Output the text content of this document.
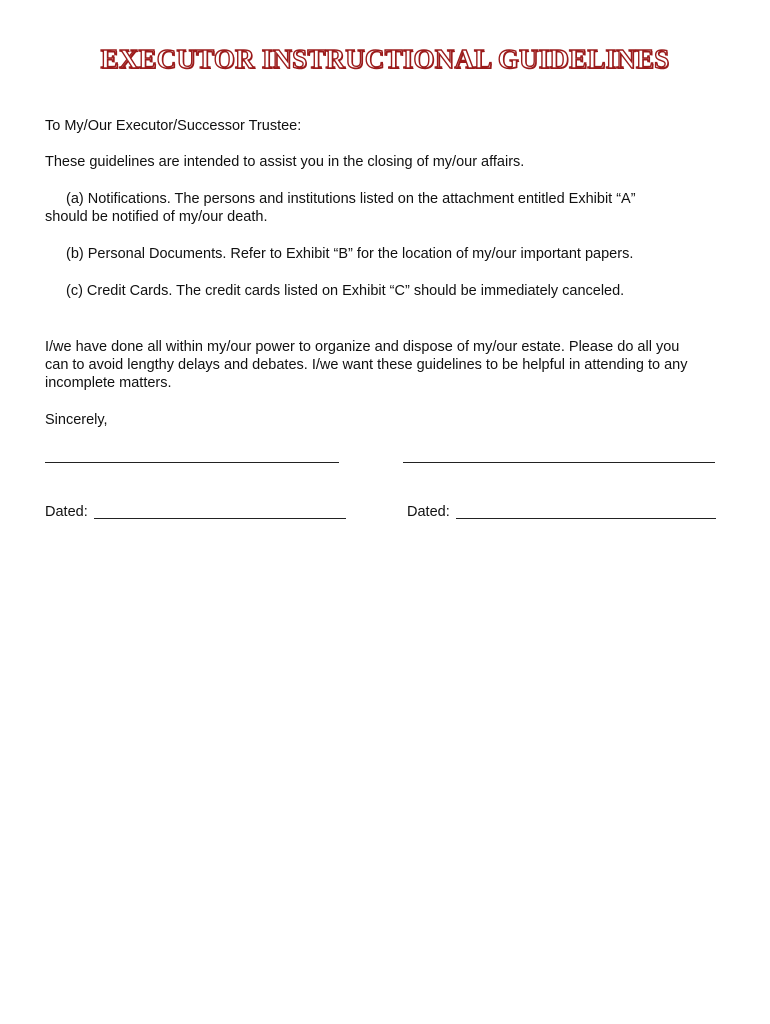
EXECUTOR INSTRUCTIONAL GUIDELINES
To My/Our Executor/Successor Trustee:
These guidelines are intended to assist you in the closing of my/our affairs.
(a) Notifications. The persons and institutions listed on the attachment entitled Exhibit “A”
should be notified of my/our death.
(b) Personal Documents. Refer to Exhibit “B” for the location of my/our important papers.
(c) Credit Cards. The credit cards listed on Exhibit “C” should be immediately canceled.
I/we have done all within my/our power to organize and dispose of my/our estate. Please do all you
can to avoid lengthy delays and debates. I/we want these guidelines to be helpful in attending to any
incomplete matters.
Sincerely,
Dated:	Dated:
